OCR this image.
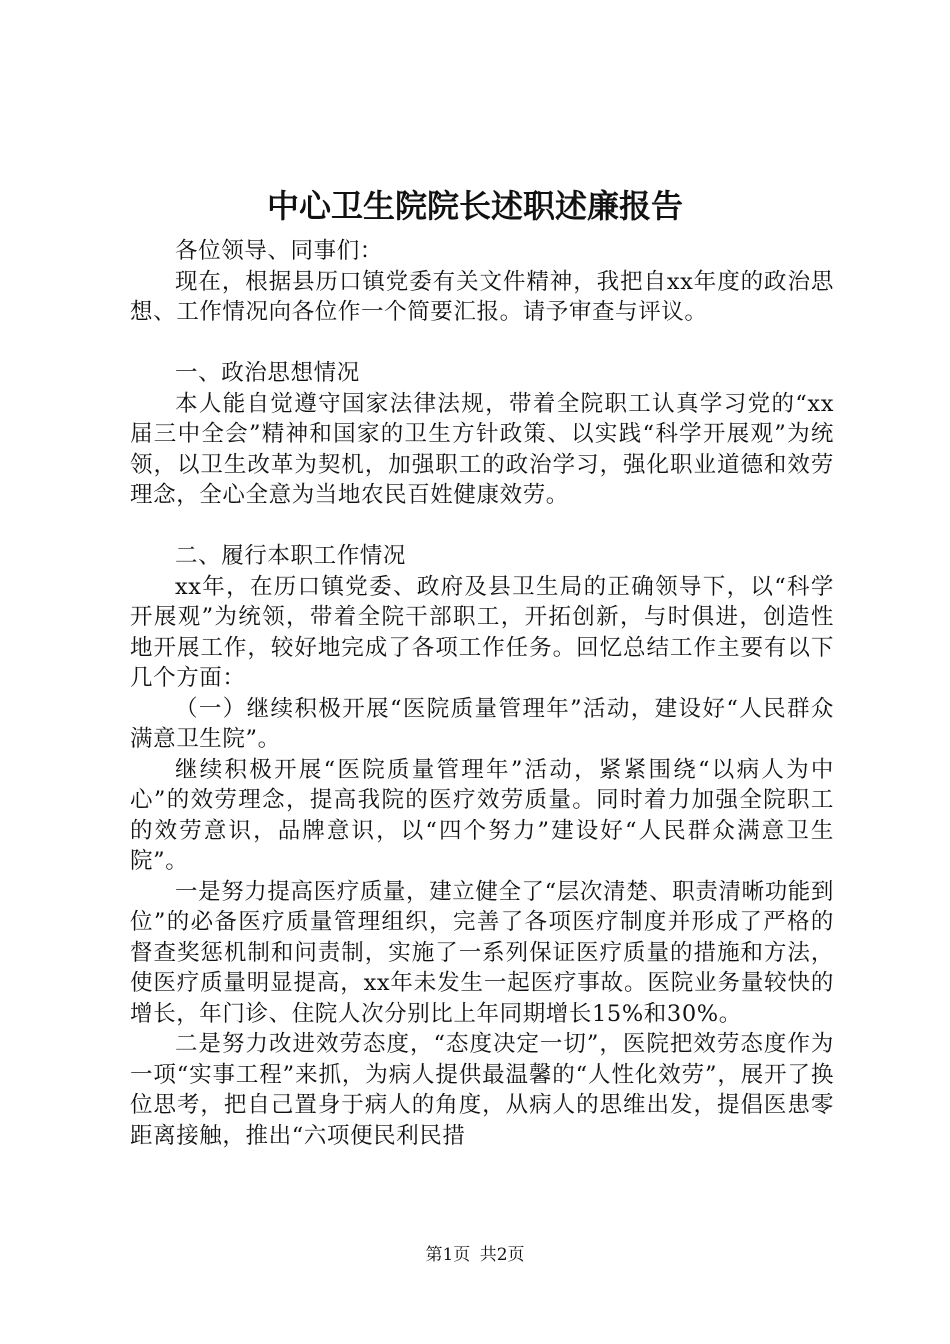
中心卫生院院长述职述廉报告

各位领导、同事们：

现在，根据县历口镇党委有关文件精神，我把自xx年度的政治思想、工作情况向各位作一个简要汇报。请予审查与评议。

一、政治思想情况

本人能自觉遵守国家法律法规，带着全院职工认真学习党的“xx届三中全会”精神和国家的卫生方针政策、以实践“科学开展观”为统领，以卫生改革为契机，加强职工的政治学习，强化职业道德和效劳理念，全心全意为当地农民百姓健康效劳。

二、履行本职工作情况

xx年，在历口镇党委、政府及县卫生局的正确领导下，以“科学开展观”为统领，带着全院干部职工，开拓创新，与时俱进，创造性地开展工作，较好地完成了各项工作任务。回忆总结工作主要有以下几个方面：

（一）继续积极开展“医院质量管理年”活动，建设好“人民群众满意卫生院”。

继续积极开展“医院质量管理年”活动，紧紧围绕“以病人为中心”的效劳理念，提高我院的医疗效劳质量。同时着力加强全院职工的效劳意识，品牌意识，以“四个努力”建设好“人民群众满意卫生院”。

一是努力提高医疗质量，建立健全了“层次清楚、职责清晰功能到位”的必备医疗质量管理组织，完善了各项医疗制度并形成了严格的督查奖惩机制和问责制，实施了一系列保证医疗质量的措施和方法，使医疗质量明显提高，xx年未发生一起医疗事故。医院业务量较快的增长，年门诊、住院人次分别比上年同期增长15%和30%。

二是努力改进效劳态度，“态度决定一切”，医院把效劳态度作为一项“实事工程”来抓，为病人提供最温馨的“人性化效劳”，展开了换位思考，把自己置身于病人的角度，从病人的思维出发，提倡医患零距离接触，推出“六项便民利民措

第1页 共2页
